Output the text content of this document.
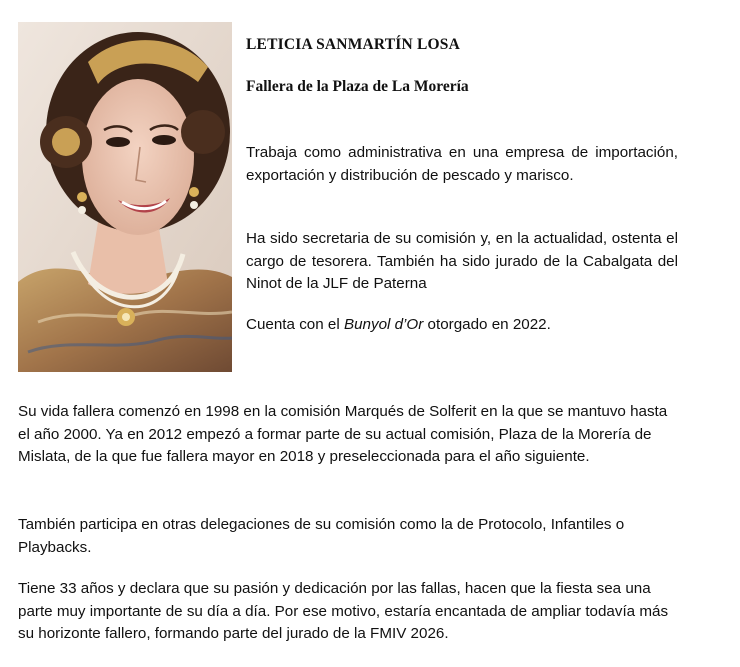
LETICIA SANMARTÍN LOSA
Fallera de la Plaza de La Morería

Trabaja como administrativa en una empresa de importación, exportación y distribución de pescado y marisco.

Ha sido secretaria de su comisión y, en la actualidad, ostenta el cargo de tesorera. También ha sido jurado de la Cabalgata del Ninot de la JLF de Paterna

Cuenta con el Bunyol d’Or otorgado en 2022.

Su vida fallera comenzó en 1998 en la comisión Marqués de Solferit en la que se mantuvo hasta el año 2000. Ya en 2012 empezó a formar parte de su actual comisión, Plaza de la Morería de Mislata, de la que fue fallera mayor en 2018 y preseleccionada para el año siguiente.

También participa en otras delegaciones de su comisión como la de Protocolo, Infantiles o Playbacks.

Tiene 33 años y declara que su pasión y dedicación por las fallas, hacen que la fiesta sea una parte muy importante de su día a día. Por ese motivo, estaría encantada de ampliar todavía más su horizonte fallero, formando parte del jurado de la FMIV 2026.
